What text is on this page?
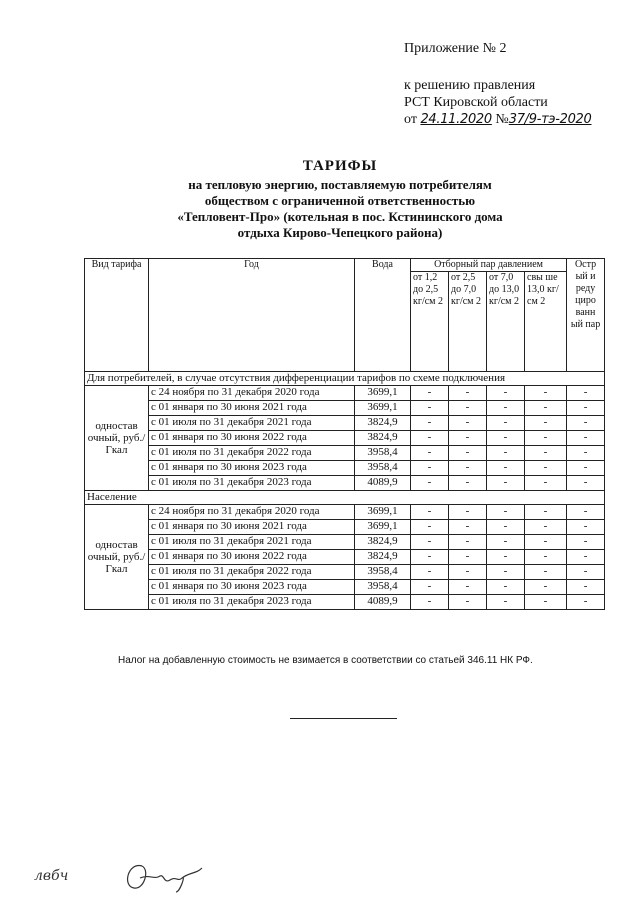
Приложение № 2
к решению правления
РСТ Кировской области
от 24.11.2020 №37/9-тэ-2020
ТАРИФЫ
на тепловую энергию, поставляемую потребителям
обществом с ограниченной ответственностью
«Тепловент-Про» (котельная в пос. Кстининского дома
отдыха Кирово-Чепецкого района)
Вид тарифа	Год	Вода	Отборный пар давлением				Остр ый и реду циро ванн ый пар
			от 1,2 до 2,5 кг/см 2	от 2,5 до 7,0 кг/см 2	от 7,0 до 13,0 кг/см 2	свы ше 13,0 кг/см 2	
Для потребителей, в случае отсутствия дифференциации тарифов по схеме подключения							
одностав очный, руб./Гкал	с 24 ноября по 31 декабря 2020 года	3699,1	-	-	-	-	-
	с 01 января по 30 июня 2021 года	3699,1	-	-	-	-	-
	с 01 июля по 31 декабря 2021 года	3824,9	-	-	-	-	-
	с 01 января по 30 июня 2022 года	3824,9	-	-	-	-	-
	с 01 июля по 31 декабря 2022 года	3958,4	-	-	-	-	-
	с 01 января по 30 июня 2023 года	3958,4	-	-	-	-	-
	с 01 июля по 31 декабря 2023 года	4089,9	-	-	-	-	-
Население							
одностав очный, руб./Гкал	с 24 ноября по 31 декабря 2020 года	3699,1	-	-	-	-	-
	с 01 января по 30 июня 2021 года	3699,1	-	-	-	-	-
	с 01 июля по 31 декабря 2021 года	3824,9	-	-	-	-	-
	с 01 января по 30 июня 2022 года	3824,9	-	-	-	-	-
	с 01 июля по 31 декабря 2022 года	3958,4	-	-	-	-	-
	с 01 января по 30 июня 2023 года	3958,4	-	-	-	-	-
	с 01 июля по 31 декабря 2023 года	4089,9	-	-	-	-	-
Налог на добавленную стоимость не взимается в соответствии со статьей 346.11 НК РФ.
лвбч
